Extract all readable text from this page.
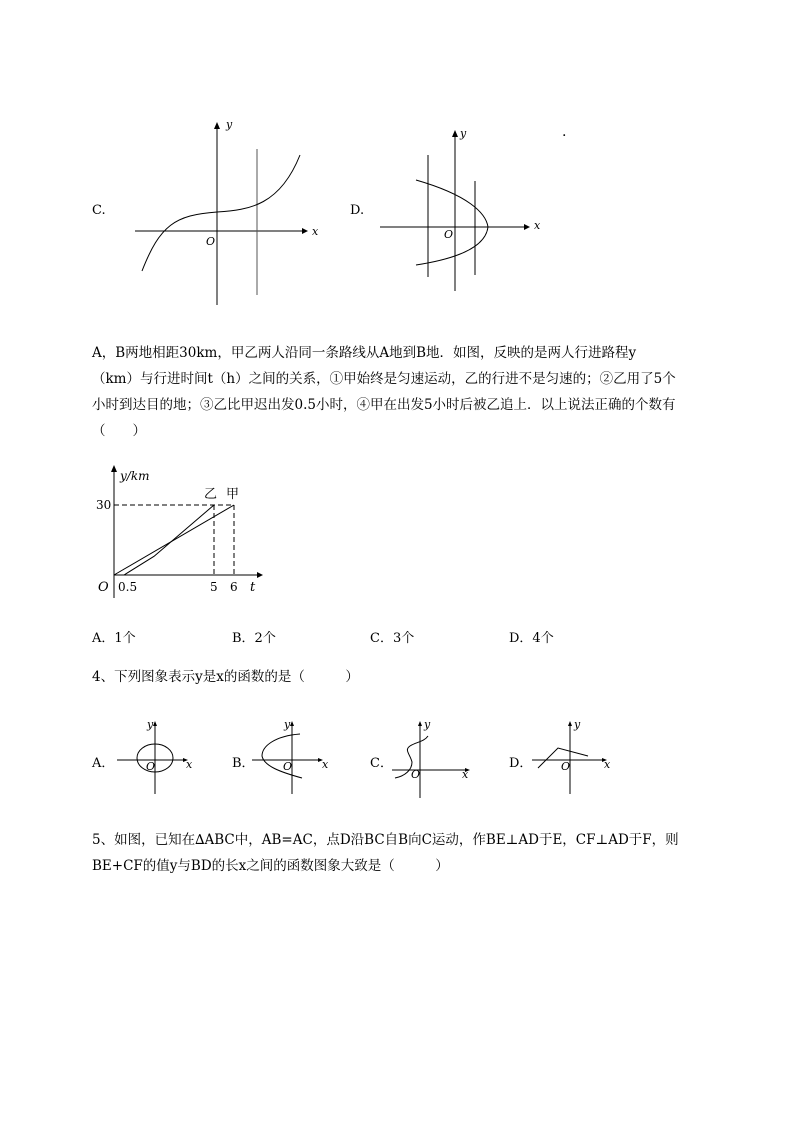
.
C.
x
y
O
D.
x
y
O
A，B两地相距30km，甲乙两人沿同一条路线从A地到B地．如图，反映的是两人行进路程y
（km）与行进时间t（h）之间的关系，①甲始终是匀速运动，乙的行进不是匀速的；②乙用了5个
小时到达目的地；③乙比甲迟出发0.5小时，④甲在出发5小时后被乙追上．以上说法正确的个数有
（　　）
y/km
t
O
30
0.5	5 6
乙 甲
A．1个	B．2个	C．3个	D．4个
4、下列图象表示y是x的函数的是（　　　）
A．	B．	C．	D．
x
y
O	x
y
O
x
y
O
x
y
O
5、如图，已知在∆ABC中，AB=AC，点D沿BC自B向C运动，作BE⊥AD于E，CF⊥AD于F，则
BE+CF的值y与BD的长x之间的函数图象大致是（　　　）
